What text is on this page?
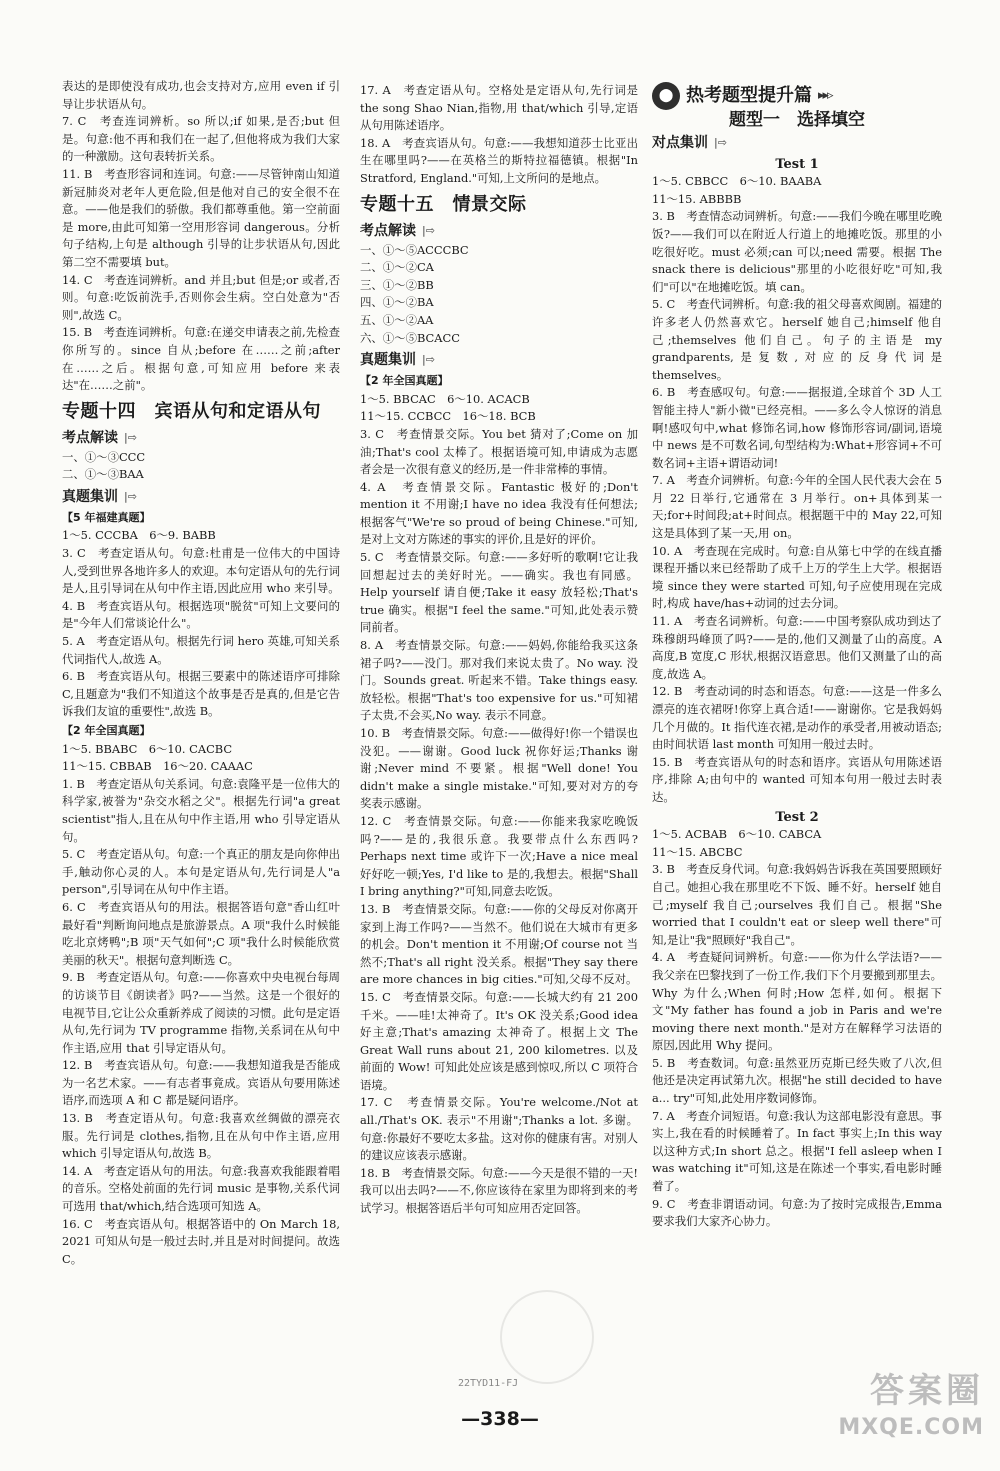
表达的是即使没有成功,也会支持对方,应用 even if 引导让步状语从句。

7. C　考查连词辨析。so 所以;if 如果,是否;but 但是。句意:他不再和我们在一起了,但他将成为我们大家的一种激励。这句表转折关系。

11. B　考查形容词和连词。句意:——尽管钟南山知道新冠肺炎对老年人更危险,但是他对自己的安全很不在意。——他是我们的骄傲。我们都尊重他。第一空前面是 more,由此可知第一空用形容词 dangerous。分析句子结构,上句是 although 引导的让步状语从句,因此第二空不需要填 but。

14. C　考查连词辨析。and 并且;but 但是;or 或者,否则。句意:吃饭前洗手,否则你会生病。空白处意为"否则",故选 C。

15. B　考查连词辨析。句意:在递交申请表之前,先检查你所写的。since 自从;before 在……之前;after 在……之后。根据句意,可知应用 before 来表达"在……之前"。

专题十四　宾语从句和定语从句
考点解读 |⇨

一、①～③CCC

二、①～③BAA

真题集训 |⇨
【5 年福建真题】

1～5. CCCBA　6～9. BABB

3. C　考查定语从句。句意:杜甫是一位伟大的中国诗人,受到世界各地许多人的欢迎。本句定语从句的先行词是人,且引导词在从句中作主语,因此应用 who 来引导。

4. B　考查宾语从句。根据选项"脱贫"可知上文要问的是"今年人们常谈论什么"。

5. A　考查定语从句。根据先行词 hero 英雄,可知关系代词指代人,故选 A。

6. B　考查宾语从句。根据三要素中的陈述语序可排除 C,且题意为"我们不知道这个故事是否是真的,但是它告诉我们友谊的重要性",故选 B。

【2 年全国真题】

1～5. BBABC　6～10. CACBC

11～15. CBBAB　16～20. CAAAC

1. B　考查定语从句关系词。句意:袁隆平是一位伟大的科学家,被誉为"杂交水稻之父"。根据先行词"a great scientist"指人,且在从句中作主语,用 who 引导定语从句。

5. C　考查定语从句。句意:一个真正的朋友是向你伸出手,触动你心灵的人。本句是定语从句,先行词是人"a person",引导词在从句中作主语。

6. C　考查宾语从句的用法。根据答语句意"香山红叶最好看"判断询问地点是旅游景点。A 项"我什么时候能吃北京烤鸭";B 项"天气如何";C 项"我什么时候能欣赏美丽的秋天"。根据句意判断选 C。

9. B　考查定语从句。句意:——你喜欢中央电视台每周的访谈节目《朗读者》吗?——当然。这是一个很好的电视节目,它让公众重新养成了阅读的习惯。此句是定语从句,先行词为 TV programme 指物,关系词在从句中作主语,应用 that 引导定语从句。

12. B　考查宾语从句。句意:——我想知道我是否能成为一名艺术家。——有志者事竟成。宾语从句要用陈述语序,而选项 A 和 C 都是疑问语序。

13. B　考查定语从句。句意:我喜欢丝绸做的漂亮衣服。先行词是 clothes,指物,且在从句中作主语,应用 which 引导定语从句,故选 B。

14. A　考查定语从句的用法。句意:我喜欢我能跟着唱的音乐。空格处前面的先行词 music 是事物,关系代词可选用 that/which,结合选项可知选 A。

16. C　考查宾语从句。根据答语中的 On March 18, 2021 可知从句是一般过去时,并且是对时间提问。故选 C。

17. A　考查定语从句。空格处是定语从句,先行词是 the song Shao Nian,指物,用 that/which 引导,定语从句用陈述语序。

18. A　考查宾语从句。句意:——我想知道莎士比亚出生在哪里吗?——在英格兰的斯特拉福德镇。根据"In Stratford, England."可知,上文所问的是地点。

专题十五　情景交际
考点解读 |⇨

一、①～⑤ACCCBC

二、①～②CA

三、①～②BB

四、①～②BA

五、①～②AA

六、①～⑤BCACC

真题集训 |⇨
【2 年全国真题】

1～5. BBCAC　6～10. ACACB

11～15. CCBCC　16～18. BCB

3. C　考查情景交际。You bet 猜对了;Come on 加油;That's cool 太棒了。根据语境可知,申请成为志愿者会是一次很有意义的经历,是一件非常棒的事情。

4. A　考查情景交际。Fantastic 极好的;Don't mention it 不用谢;I have no idea 我没有任何想法;根据客气"We're so proud of being Chinese."可知,是对上文对方陈述的事实的评价,且是好的评价。

5. C　考查情景交际。句意:——多好听的歌啊!它让我回想起过去的美好时光。——确实。我也有同感。Help yourself 请自便;Take it easy 放轻松;That's true 确实。根据"I feel the same."可知,此处表示赞同前者。

8. A　考查情景交际。句意:——妈妈,你能给我买这条裙子吗?——没门。那对我们来说太贵了。No way. 没门。Sounds great. 听起来不错。Take things easy. 放轻松。根据"That's too expensive for us."可知裙子太贵,不会买,No way. 表示不同意。

10. B　考查情景交际。句意:——做得好!你一个错误也没犯。——谢谢。Good luck 祝你好运;Thanks 谢谢;Never mind 不要紧。根据"Well done! You didn't make a single mistake."可知,要对对方的夸奖表示感谢。

12. C　考查情景交际。句意:——你能来我家吃晚饭吗?——是的,我很乐意。我要带点什么东西吗?Perhaps next time 或许下一次;Have a nice meal 好好吃一顿;Yes, I'd like to 是的,我想去。根据"Shall I bring anything?"可知,同意去吃饭。

13. B　考查情景交际。句意:——你的父母反对你离开家到上海工作吗?——当然不。他们说在大城市有更多的机会。Don't mention it 不用谢;Of course not 当然不;That's all right 没关系。根据"They say there are more chances in big cities."可知,父母不反对。

15. C　考查情景交际。句意:——长城大约有 21 200 千米。——哇!太神奇了。It's OK 没关系;Good idea 好主意;That's amazing 太神奇了。根据上文 The Great Wall runs about 21, 200 kilometres. 以及前面的 Wow! 可知此处应该是感到惊叹,所以 C 项符合语境。

17. C　考查情景交际。You're welcome./Not at all./That's OK. 表示"不用谢";Thanks a lot. 多谢。句意:你最好不要吃太多盐。这对你的健康有害。对别人的建议应该表示感谢。

18. B　考查情景交际。句意:——今天是很不错的一天!我可以出去吗?——不,你应该待在家里为即将到来的考试学习。根据答语后半句可知应用否定回答。

⬤ 热考题型提升篇 ▸▸▹
题型一　选择填空
对点集训 |⇨
Test 1

1～5. CBBCC　6～10. BAABA

11～15. ABBBB

3. B　考查情态动词辨析。句意:——我们今晚在哪里吃晚饭?——我们可以在附近人行道上的地摊吃饭。那里的小吃很好吃。must 必须;can 可以;need 需要。根据 The snack there is delicious"那里的小吃很好吃"可知,我们"可以"在地摊吃饭。填 can。

5. C　考查代词辨析。句意:我的祖父母喜欢闽剧。福建的许多老人仍然喜欢它。herself 她自己;himself 他自己;themselves 他们自己。句子的主语是 my grandparents,是复数,对应的反身代词是 themselves。

6. B　考查感叹句。句意:——据报道,全球首个 3D 人工智能主持人"新小微"已经亮相。——多么令人惊讶的消息啊!感叹句中,what 修饰名词,how 修饰形容词/副词,语境中 news 是不可数名词,句型结构为:What+形容词+不可数名词+主语+谓语动词!

7. A　考查介词辨析。句意:今年的全国人民代表大会在 5 月 22 日举行,它通常在 3 月举行。on+具体到某一天;for+时间段;at+时间点。根据题干中的 May 22,可知这是具体到了某一天,用 on。

10. A　考查现在完成时。句意:自从第七中学的在线直播课程开播以来已经帮助了成千上万的学生上大学。根据语境 since they were started 可知,句子应使用现在完成时,构成 have/has+动词的过去分词。

11. A　考查名词辨析。句意:——中国考察队成功到达了珠穆朗玛峰顶了吗?——是的,他们又测量了山的高度。A 高度,B 宽度,C 形状,根据汉语意思。他们又测量了山的高度,故选 A。

12. B　考查动词的时态和语态。句意:——这是一件多么漂亮的连衣裙呀!你穿上真合适!——谢谢你。它是我妈妈几个月做的。It 指代连衣裙,是动作的承受者,用被动语态;由时间状语 last month 可知用一般过去时。

15. B　考查宾语从句的时态和语序。宾语从句用陈述语序,排除 A;由句中的 wanted 可知本句用一般过去时表达。

Test 2

1～5. ACBAB　6～10. CABCA

11～15. ABCBC

3. B　考查反身代词。句意:我妈妈告诉我在英国要照顾好自己。她担心我在那里吃不下饭、睡不好。herself 她自己;myself 我自己;ourselves 我们自己。根据"She worried that I couldn't eat or sleep well there"可知,是让"我"照顾好"我自己"。

4. A　考查疑问词辨析。句意:——你为什么学法语?——我父亲在巴黎找到了一份工作,我们下个月要搬到那里去。Why 为什么;When 何时;How 怎样,如何。根据下文"My father has found a job in Paris and we're moving there next month."是对方在解释学习法语的原因,因此用 Why 提问。

5. B　考查数词。句意:虽然亚历克斯已经失败了八次,但他还是决定再试第九次。根据"he still decided to have a... try"可知,此处用序数词修饰。

7. A　考查介词短语。句意:我认为这部电影没有意思。事实上,我在看的时候睡着了。In fact 事实上;In this way 以这种方式;In short 总之。根据"I fell asleep when I was watching it"可知,这是在陈述一个事实,看电影时睡着了。

9. C　考查非谓语动词。句意:为了按时完成报告,Emma 要求我们大家齐心协力。

22TYD11-FJ
—338—
答案圈
MXQE.COM
